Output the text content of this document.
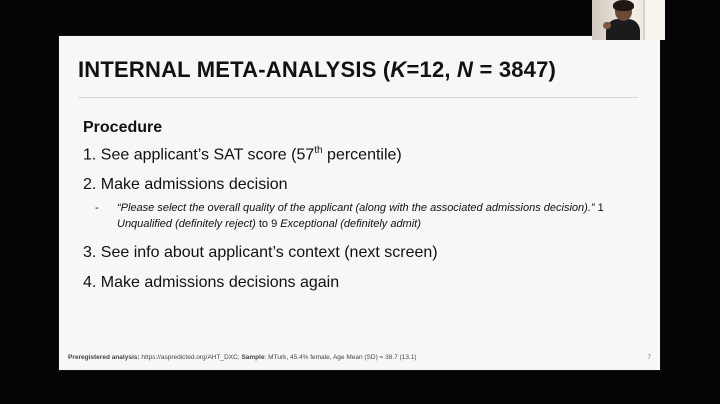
INTERNAL META-ANALYSIS (K=12, N = 3847)
Procedure
1. See applicant’s SAT score (57th percentile)
2. Make admissions decision
- “Please select the overall quality of the applicant (along with the associated admissions decision).” 1 Unqualified (definitely reject) to 9 Exceptional (definitely admit)
3. See info about applicant’s context (next screen)
4. Make admissions decisions again
Preregistered analysis: https://aspredicted.org/AHT_DXC; Sample: MTurk, 45.4% female, Age Mean (SD) = 38.7 (13.1)	7
